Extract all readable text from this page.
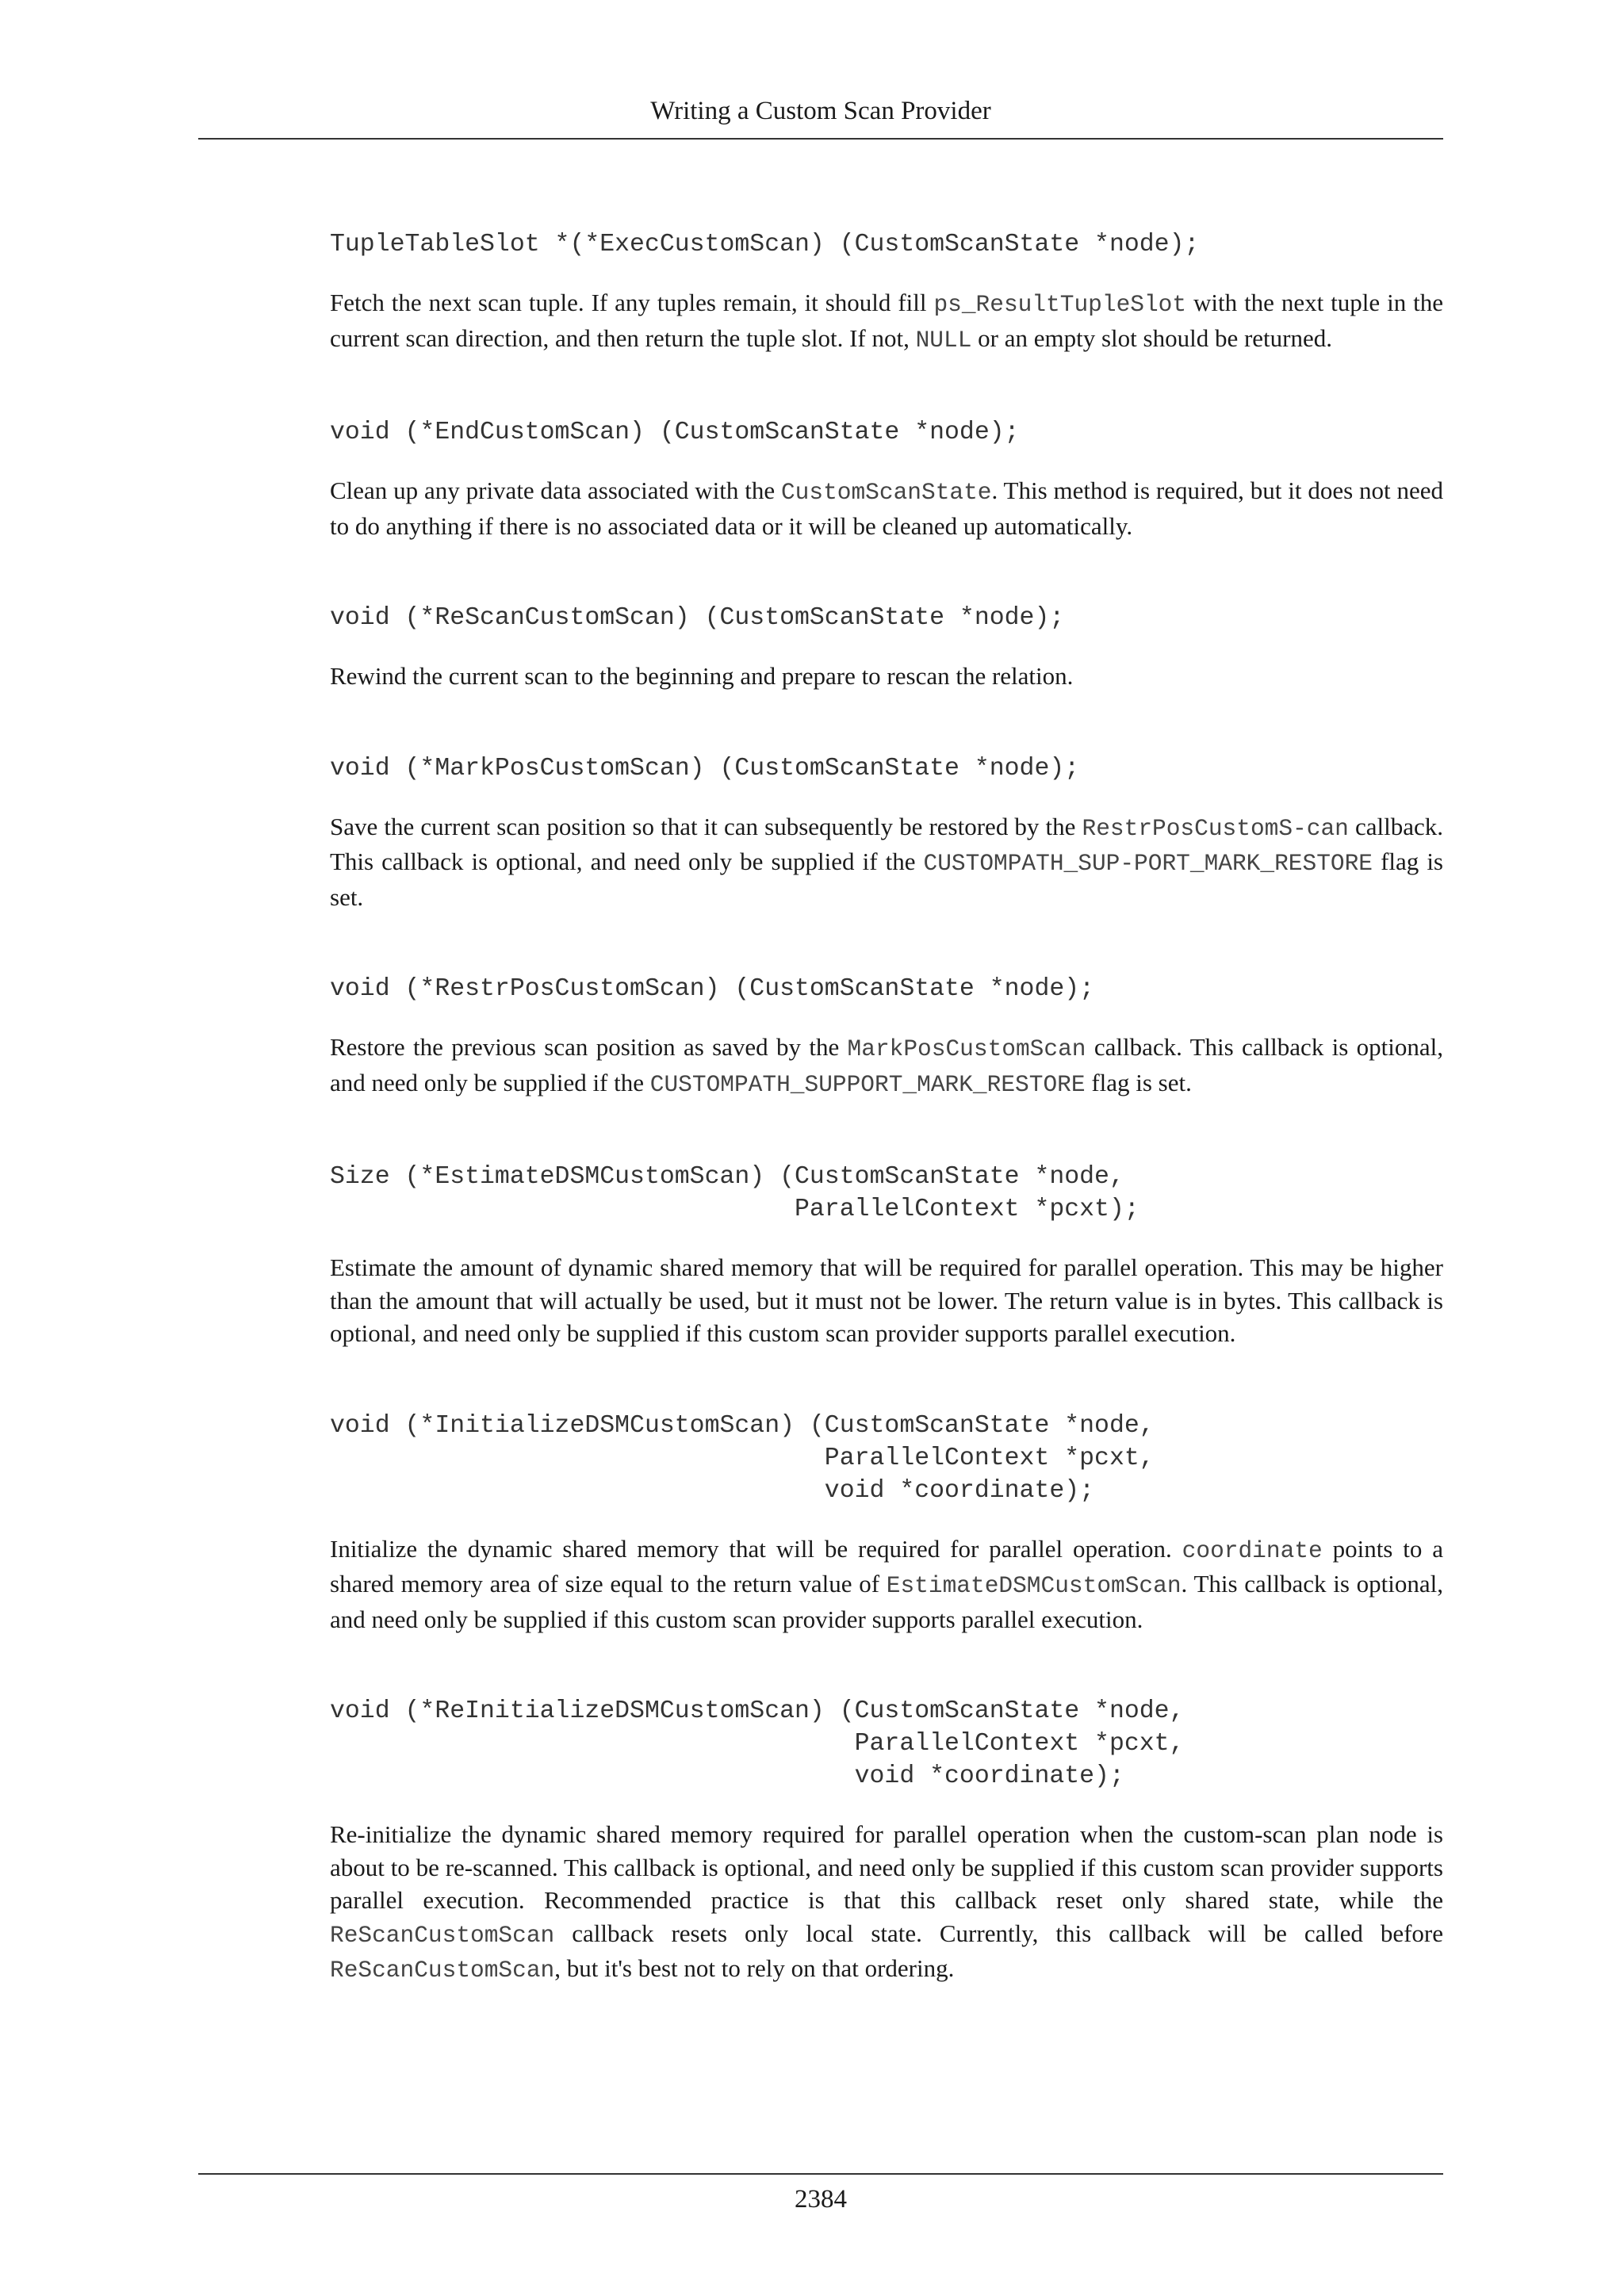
Writing a Custom Scan Provider
TupleTableSlot *(*ExecCustomScan) (CustomScanState *node);

Fetch the next scan tuple. If any tuples remain, it should fill ps_ResultTupleSlot with the next tuple in the current scan direction, and then return the tuple slot. If not, NULL or an empty slot should be returned.

void (*EndCustomScan) (CustomScanState *node);

Clean up any private data associated with the CustomScanState. This method is required, but it does not need to do anything if there is no associated data or it will be cleaned up automatically.

void (*ReScanCustomScan) (CustomScanState *node);

Rewind the current scan to the beginning and prepare to rescan the relation.

void (*MarkPosCustomScan) (CustomScanState *node);

Save the current scan position so that it can subsequently be restored by the RestrPosCustomS-can callback. This callback is optional, and need only be supplied if the CUSTOMPATH_SUP-PORT_MARK_RESTORE flag is set.

void (*RestrPosCustomScan) (CustomScanState *node);

Restore the previous scan position as saved by the MarkPosCustomScan callback. This callback is optional, and need only be supplied if the CUSTOMPATH_SUPPORT_MARK_RESTORE flag is set.

Size (*EstimateDSMCustomScan) (CustomScanState *node,
ParallelContext *pcxt);

Estimate the amount of dynamic shared memory that will be required for parallel operation. This may be higher than the amount that will actually be used, but it must not be lower. The return value is in bytes. This callback is optional, and need only be supplied if this custom scan provider supports parallel execution.

void (*InitializeDSMCustomScan) (CustomScanState *node,
ParallelContext *pcxt,
void *coordinate);

Initialize the dynamic shared memory that will be required for parallel operation. coordinate points to a shared memory area of size equal to the return value of EstimateDSMCustomScan. This callback is optional, and need only be supplied if this custom scan provider supports parallel execution.

void (*ReInitializeDSMCustomScan) (CustomScanState *node,
ParallelContext *pcxt,
void *coordinate);

Re-initialize the dynamic shared memory required for parallel operation when the custom-scan plan node is about to be re-scanned. This callback is optional, and need only be supplied if this custom scan provider supports parallel execution. Recommended practice is that this callback reset only shared state, while the ReScanCustomScan callback resets only local state. Currently, this callback will be called before ReScanCustomScan, but it's best not to rely on that ordering.

2384
